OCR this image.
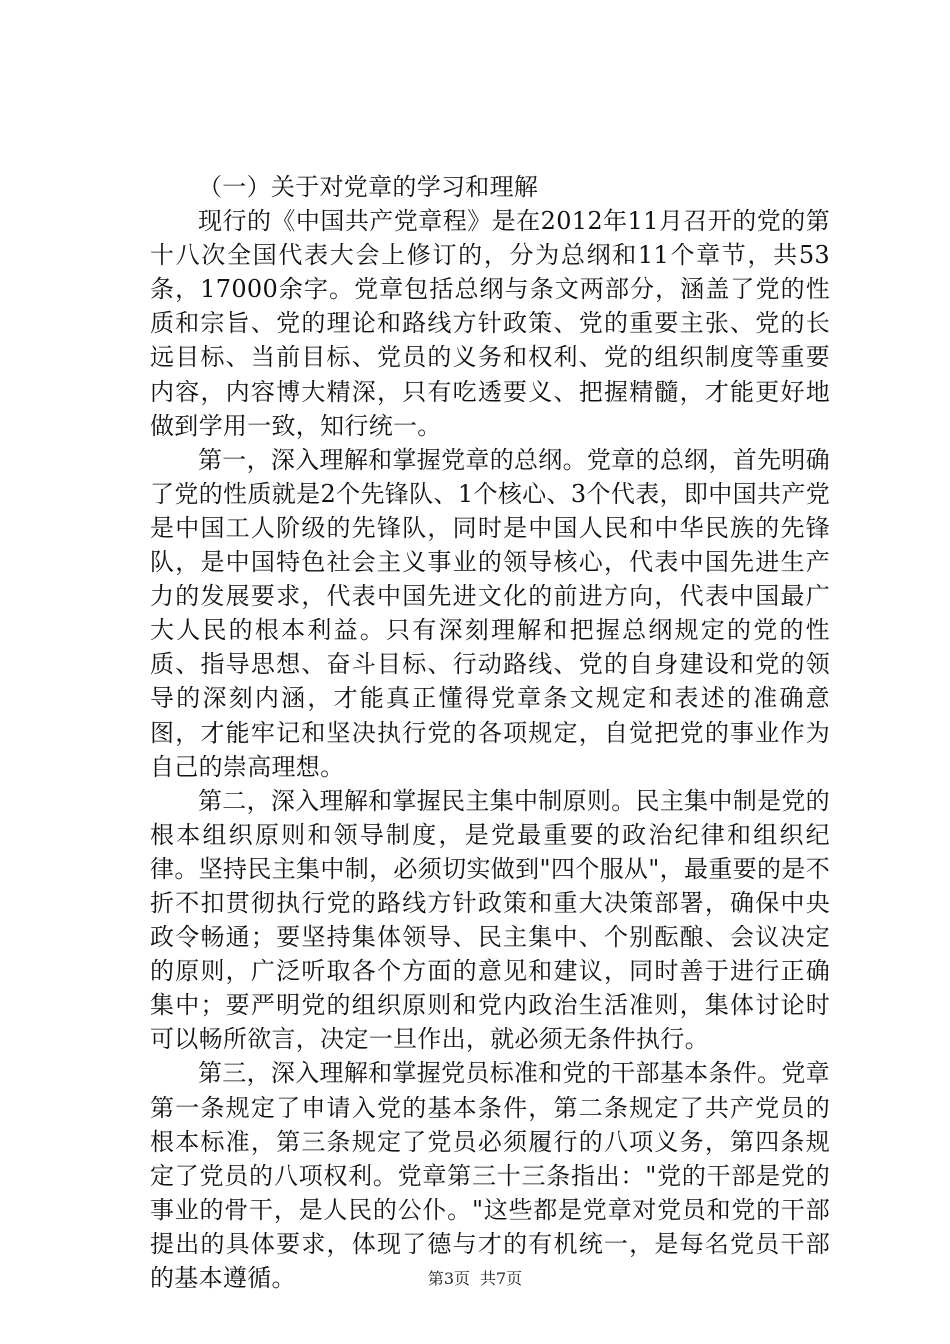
（一）关于对党章的学习和理解

现行的《中国共产党章程》是在2012年11月召开的党的第十八次全国代表大会上修订的，分为总纲和11个章节，共53条，17000余字。党章包括总纲与条文两部分，涵盖了党的性质和宗旨、党的理论和路线方针政策、党的重要主张、党的长远目标、当前目标、党员的义务和权利、党的组织制度等重要内容，内容博大精深，只有吃透要义、把握精髓，才能更好地做到学用一致，知行统一。

第一，深入理解和掌握党章的总纲。党章的总纲，首先明确了党的性质就是2个先锋队、1个核心、3个代表，即中国共产党是中国工人阶级的先锋队，同时是中国人民和中华民族的先锋队，是中国特色社会主义事业的领导核心，代表中国先进生产力的发展要求，代表中国先进文化的前进方向，代表中国最广大人民的根本利益。只有深刻理解和把握总纲规定的党的性质、指导思想、奋斗目标、行动路线、党的自身建设和党的领导的深刻内涵，才能真正懂得党章条文规定和表述的准确意图，才能牢记和坚决执行党的各项规定，自觉把党的事业作为自己的崇高理想。

第二，深入理解和掌握民主集中制原则。民主集中制是党的根本组织原则和领导制度，是党最重要的政治纪律和组织纪律。坚持民主集中制，必须切实做到"四个服从"，最重要的是不折不扣贯彻执行党的路线方针政策和重大决策部署，确保中央政令畅通；要坚持集体领导、民主集中、个别酝酿、会议决定的原则，广泛听取各个方面的意见和建议，同时善于进行正确集中；要严明党的组织原则和党内政治生活准则，集体讨论时可以畅所欲言，决定一旦作出，就必须无条件执行。

第三，深入理解和掌握党员标准和党的干部基本条件。党章第一条规定了申请入党的基本条件，第二条规定了共产党员的根本标准，第三条规定了党员必须履行的八项义务，第四条规定了党员的八项权利。党章第三十三条指出："党的干部是党的事业的骨干，是人民的公仆。"这些都是党章对党员和党的干部提出的具体要求，体现了德与才的有机统一，是每名党员干部的基本遵循。	第3页 共7页
